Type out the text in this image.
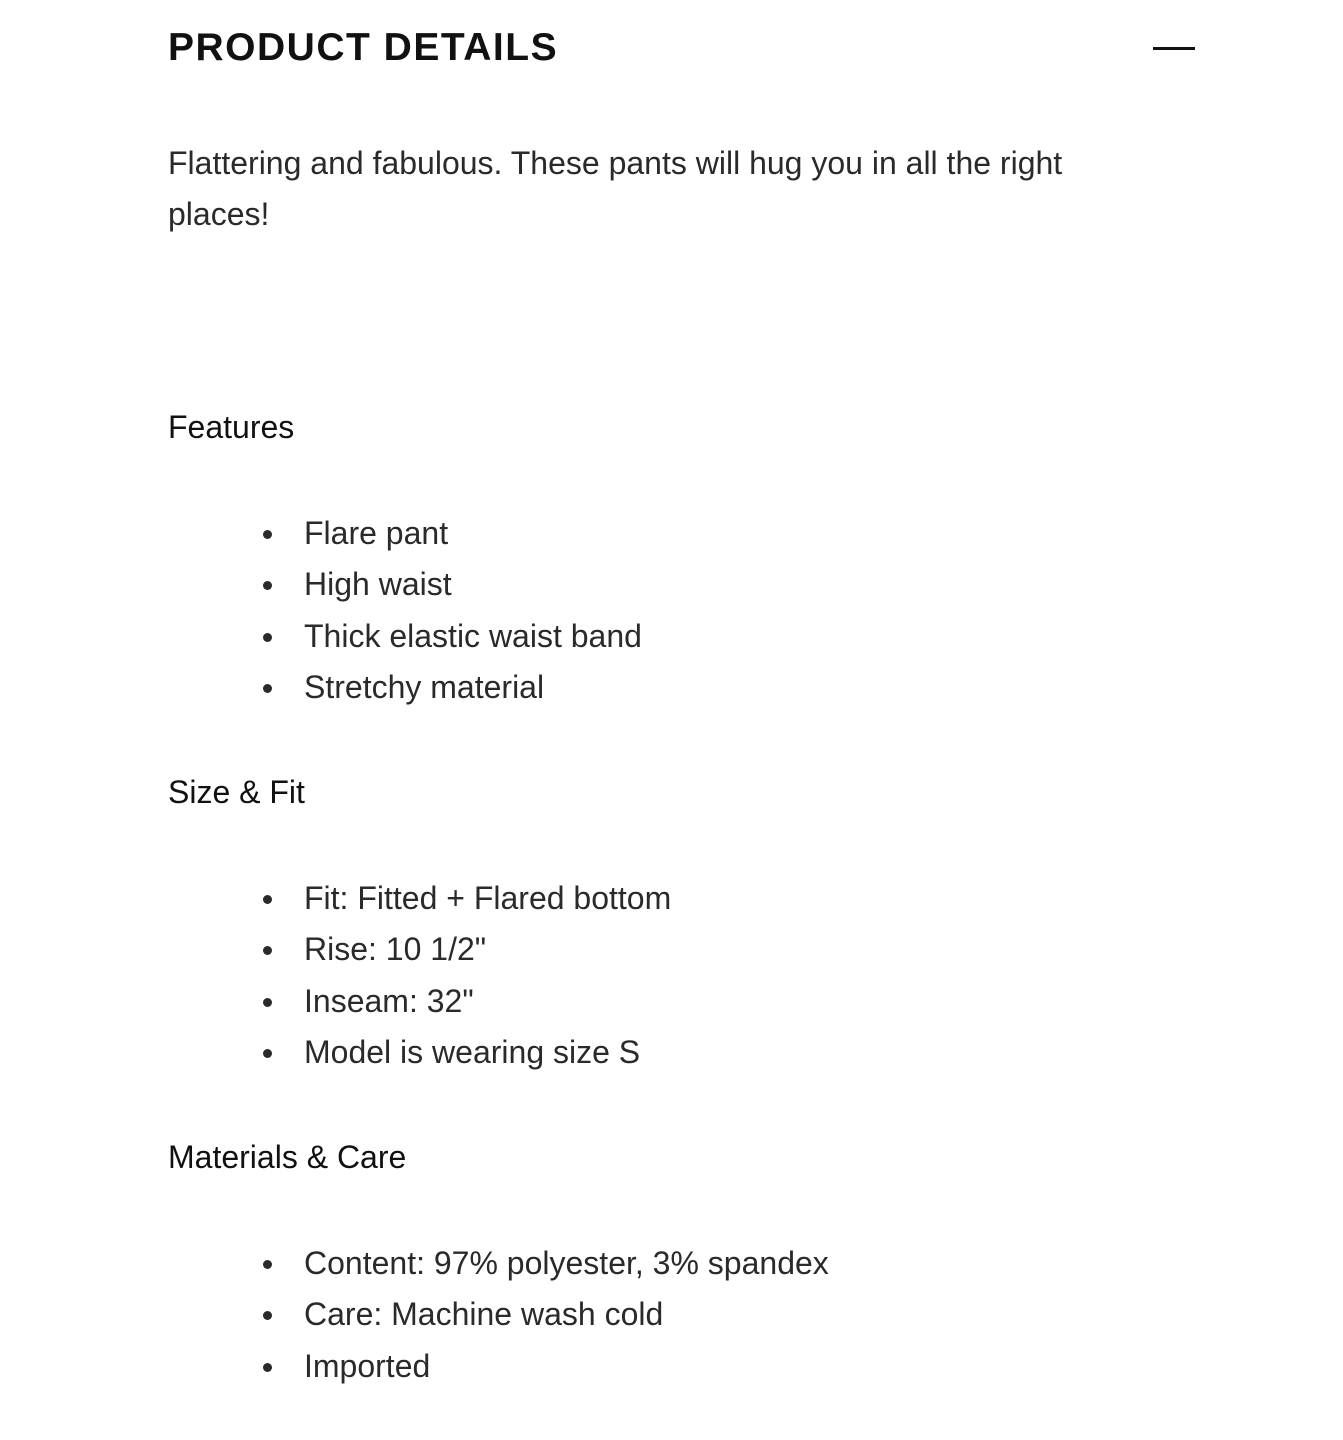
PRODUCT DETAILS

Flattering and fabulous. These pants will hug you in all the right places!

Features
Flare pant
High waist
Thick elastic waist band
Stretchy material
Size & Fit
Fit: Fitted + Flared bottom
Rise: 10 1/2"
Inseam: 32"
Model is wearing size S
Materials & Care
Content: 97% polyester, 3% spandex
Care: Machine wash cold
Imported
